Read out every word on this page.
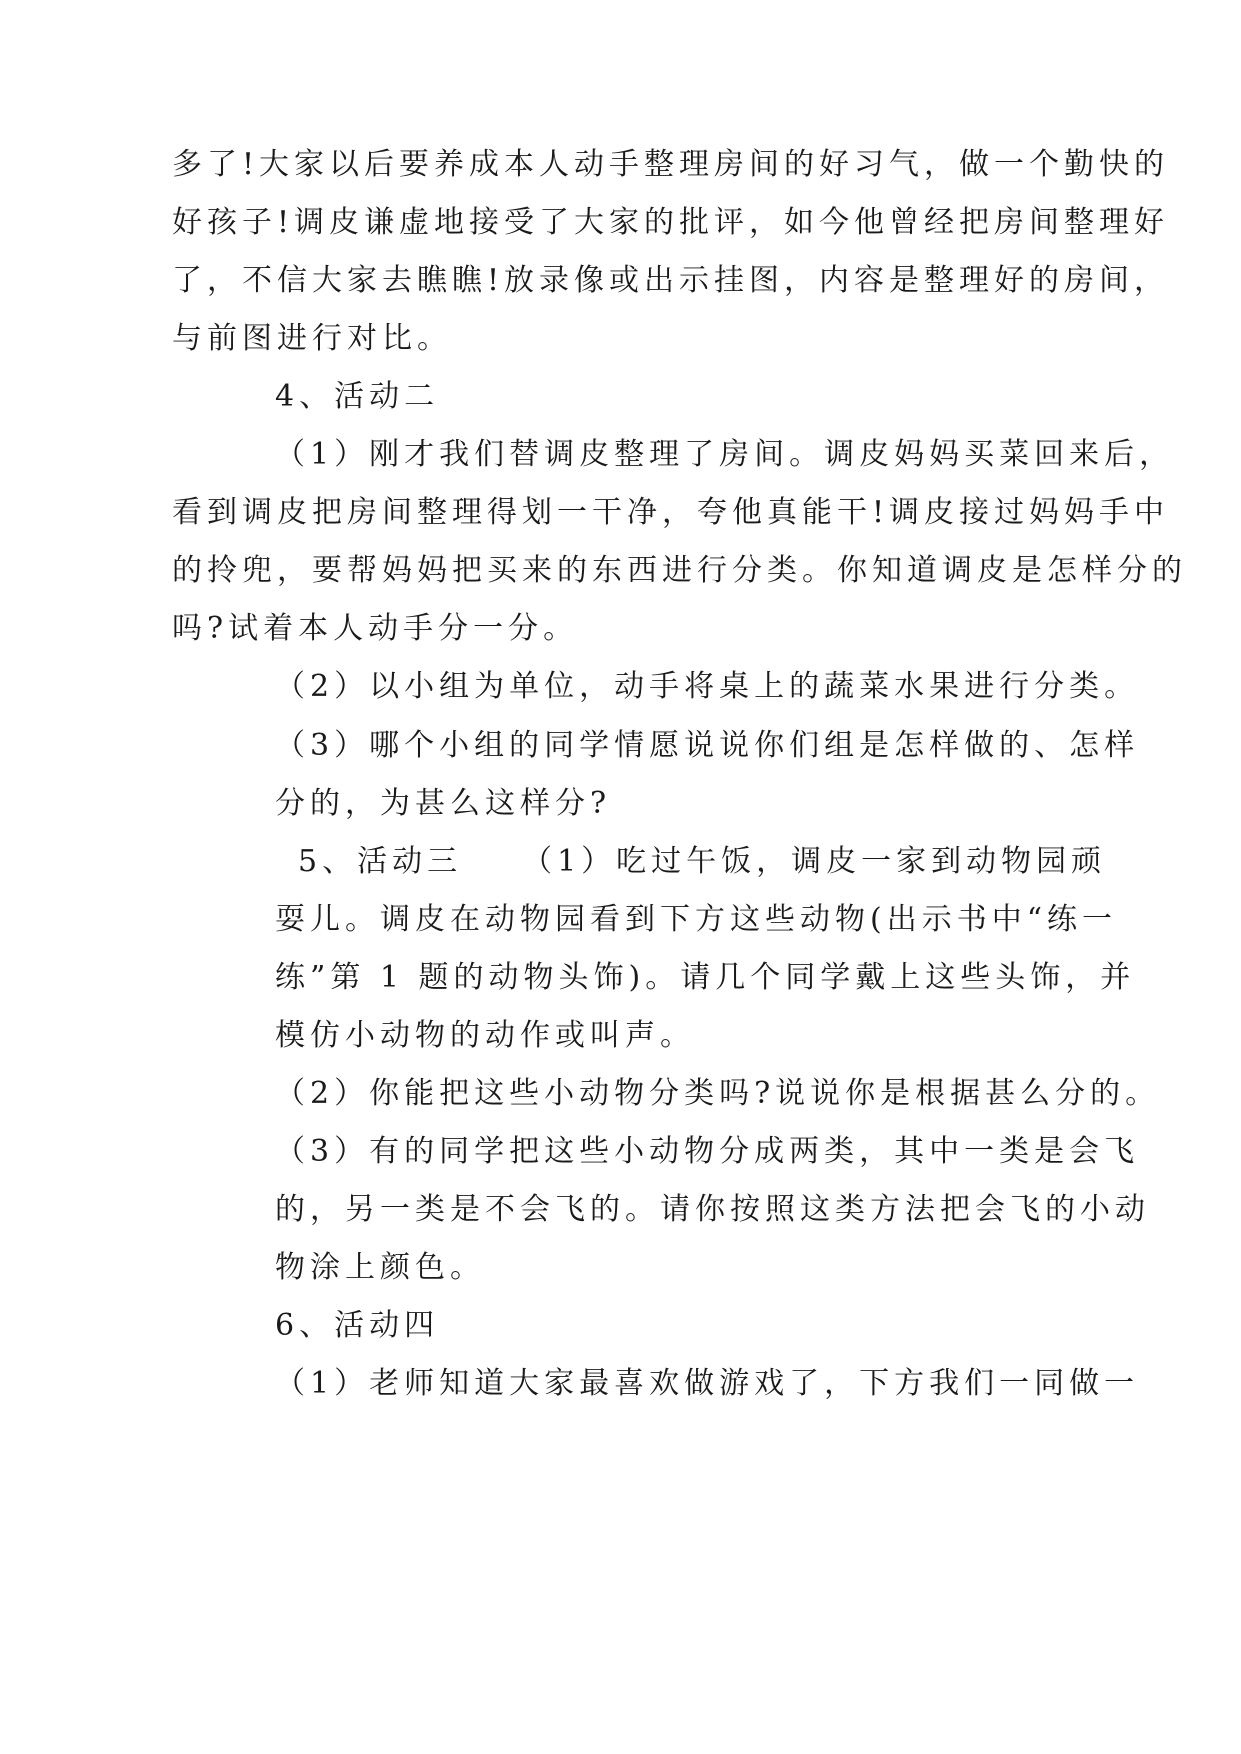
多了!大家以后要养成本人动手整理房间的好习气，做一个勤快的
好孩子!调皮谦虚地接受了大家的批评，如今他曾经把房间整理好
了，不信大家去瞧瞧!放录像或出示挂图，内容是整理好的房间，
与前图进行对比。
4、活动二
（1）刚才我们替调皮整理了房间。调皮妈妈买菜回来后，
看到调皮把房间整理得划一干净，夸他真能干!调皮接过妈妈手中
的拎兜，要帮妈妈把买来的东西进行分类。你知道调皮是怎样分的
吗?试着本人动手分一分。
（2）以小组为单位，动手将桌上的蔬菜水果进行分类。
（3）哪个小组的同学情愿说说你们组是怎样做的、怎样
分的，为甚么这样分?
5、活动三 （1）吃过午饭，调皮一家到动物园顽
耍儿。调皮在动物园看到下方这些动物(出示书中“练一
练”第 1 题的动物头饰)。请几个同学戴上这些头饰，并
模仿小动物的动作或叫声。
（2）你能把这些小动物分类吗?说说你是根据甚么分的。
（3）有的同学把这些小动物分成两类，其中一类是会飞
的，另一类是不会飞的。请你按照这类方法把会飞的小动
物涂上颜色。
6、活动四
（1）老师知道大家最喜欢做游戏了，下方我们一同做一
